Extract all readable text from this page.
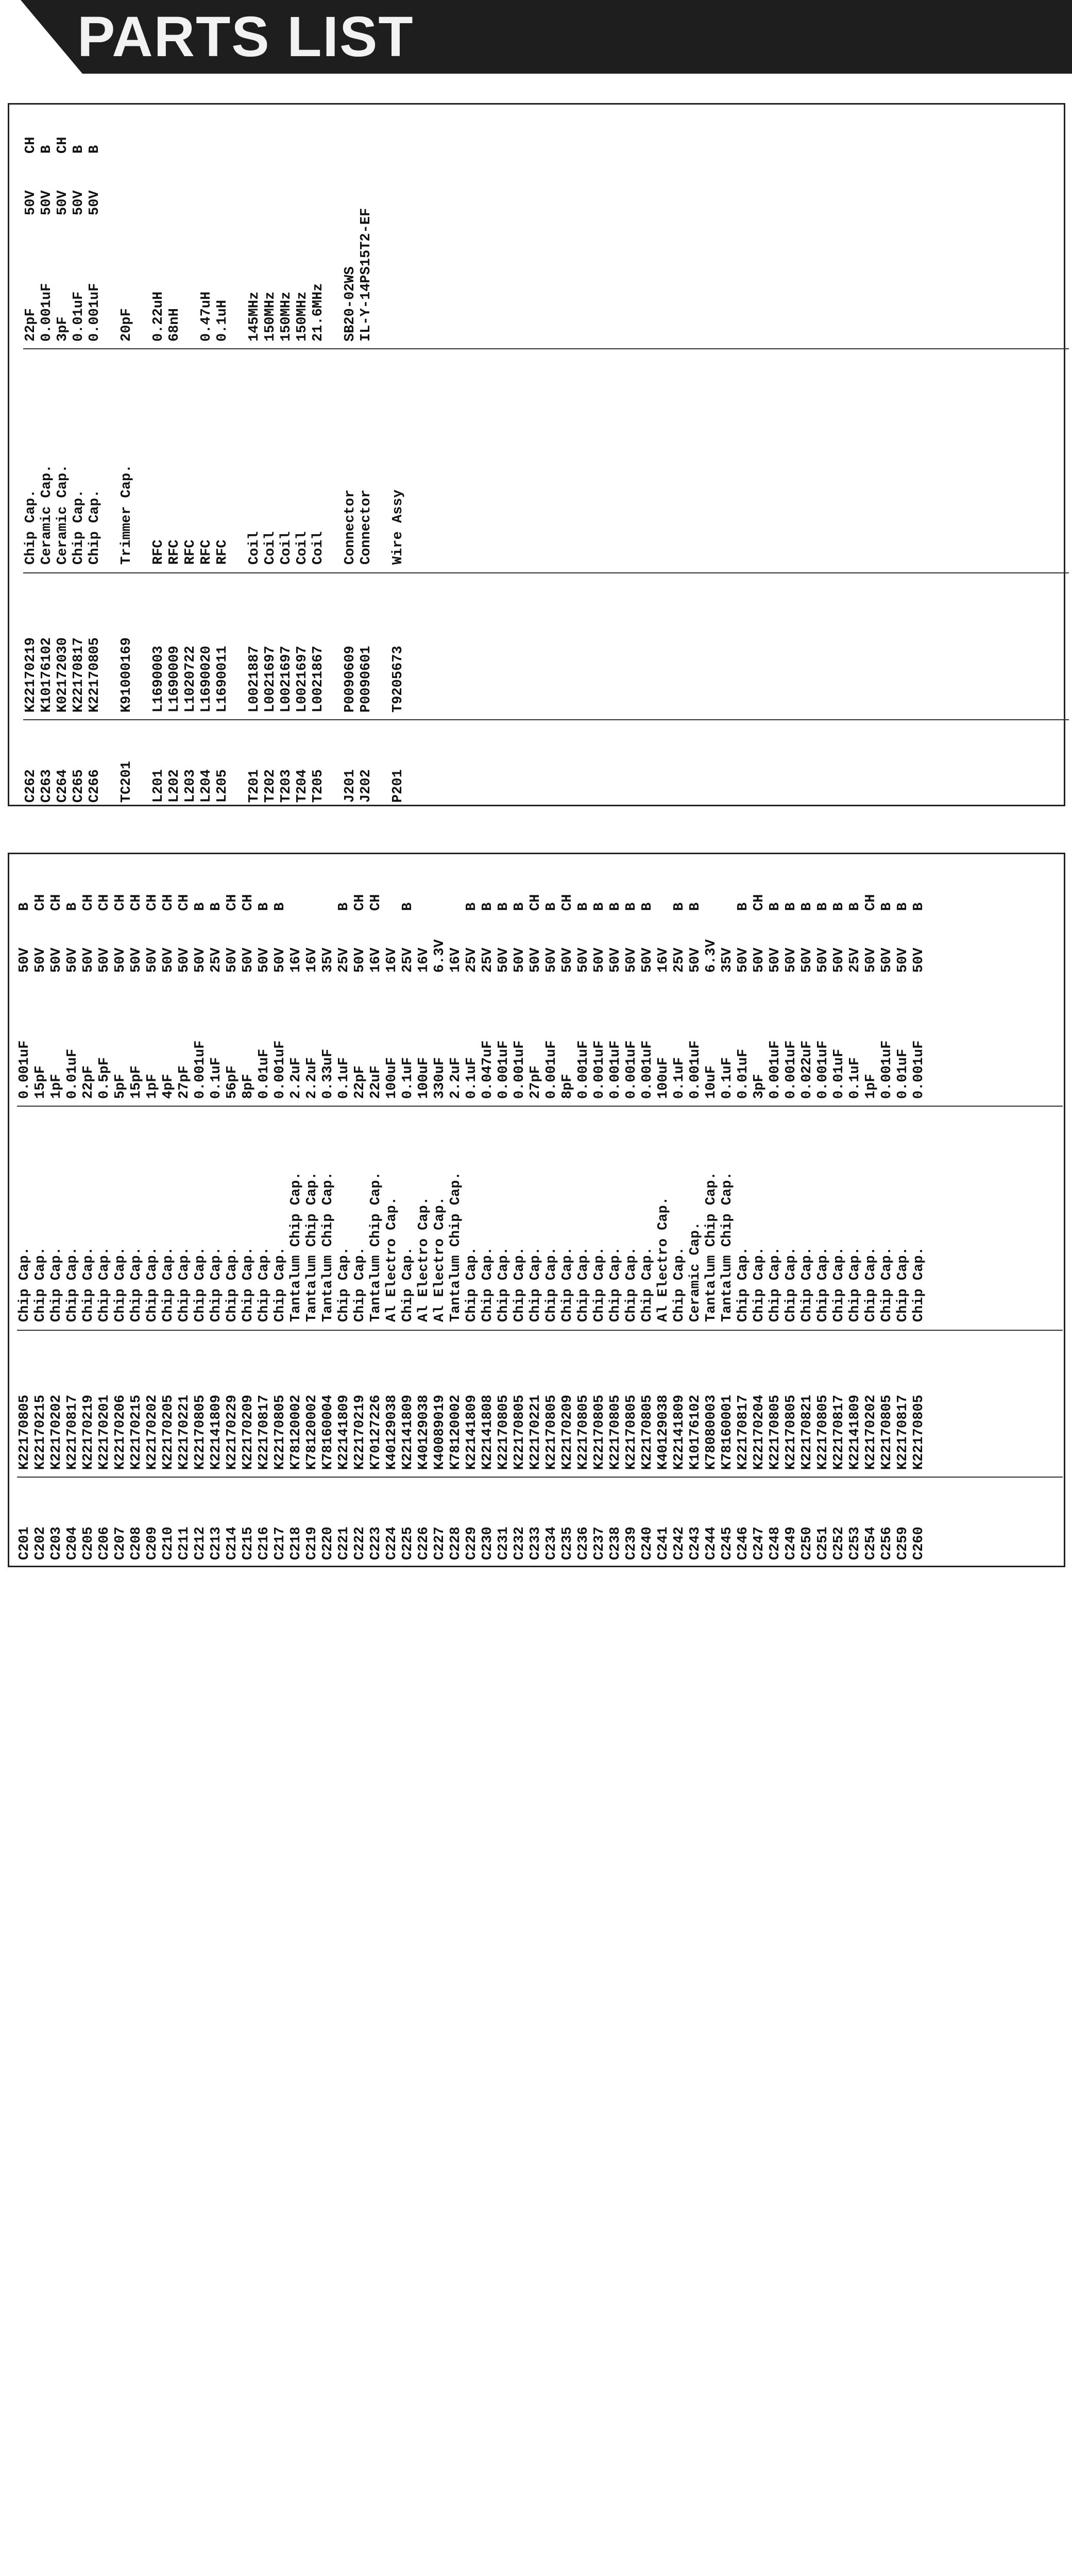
PARTS LIST
C262 C263 C264 C265 C266 TC201 L201 L202 L203 L204 L205 T201 T202 T203 T204 T205 J201 J202 P201
K22170219 K10176102 K02172030 K22170817 K22170805 K91000169 L1690003 L1690009 L1020722 L1690020 L1690011 L0021887 L0021697 L0021697 L0021697 L0021867 P0090609 P0090601 T9205673
Chip Cap. Ceramic Cap. Ceramic Cap. Chip Cap. Chip Cap. Trimmer Cap. RFC RFC RFC RFC RFC Coil Coil Coil Coil Coil Connector Connector Wire Assy
22pF 0.001uF 3pF 0.01uF 0.001uF 20pF 0.22uH 68nH 0.47uH 0.1uH 145MHz 150MHz 150MHz 150MHz 21.6MHz SB20-02WS IL-Y-14PS15T2-EF
50V 50V 50V 50V 50V
CH B CH B B
C201 C202 C203 C204 C205 C206 C207 C208 C209 C210 C211 C212 C213 C214 C215 C216 C217 C218 C219 C220 C221 C222 C223 C224 C225 C226 C227 C228 C229 C230 C231 C232 C233 C234 C235 C236 C237 C238 C239 C240 C241 C242 C243 C244 C245 C246 C247 C248 C249 C250 C251 C252 C253 C254 C256 C259 C260
K22170805 K22170215 K22170202 K22170817 K22170219 K22170201 K22170206 K22170215 K22170202 K22170205 K22170221 K22170805 K22141809 K22170229 K22170209 K22170817 K22170805 K78120002 K78120002 K78160004 K22141809 K22170219 K70127226 K40129038 K22141809 K40129038 K40089019 K78120002 K22141809 K22141808 K22170805 K22170805 K22170221 K22170805 K22170209 K22170805 K22170805 K22170805 K22170805 K22170805 K40129038 K22141809 K10176102 K78080003 K78160001 K22170817 K22170204 K22170805 K22170805 K22170821 K22170805 K22170817 K22141809 K22170202 K22170805 K22170817 K22170805
Chip Cap. Chip Cap. Chip Cap. Chip Cap. Chip Cap. Chip Cap. Chip Cap. Chip Cap. Chip Cap. Chip Cap. Chip Cap. Chip Cap. Chip Cap. Chip Cap. Chip Cap. Chip Cap. Chip Cap. Tantalum Chip Cap. Tantalum Chip Cap. Tantalum Chip Cap. Chip Cap. Chip Cap. Tantalum Chip Cap. Al Electro Cap. Chip Cap. Al Electro Cap. Al Electro Cap. Tantalum Chip Cap. Chip Cap. Chip Cap. Chip Cap. Chip Cap. Chip Cap. Chip Cap. Chip Cap. Chip Cap. Chip Cap. Chip Cap. Chip Cap. Chip Cap. Al Electro Cap. Chip Cap. Ceramic Cap. Tantalum Chip Cap. Tantalum Chip Cap. Chip Cap. Chip Cap. Chip Cap. Chip Cap. Chip Cap. Chip Cap. Chip Cap. Chip Cap. Chip Cap. Chip Cap. Chip Cap. Chip Cap.
0.001uF 15pF 1pF 0.01uF 22pF 0.5pF 5pF 15pF 1pF 4pF 27pF 0.001uF 0.1uF 56pF 8pF 0.01uF 0.001uF 2.2uF 2.2uF 0.33uF 0.1uF 22pF 22uF 100uF 0.1uF 100uF 330uF 2.2uF 0.1uF 0.047uF 0.001uF 0.001uF 27pF 0.001uF 8pF 0.001uF 0.001uF 0.001uF 0.001uF 0.001uF 100uF 0.1uF 0.001uF 10uF 0.1uF 0.01uF 3pF 0.001uF 0.001uF 0.022uF 0.001uF 0.01uF 0.1uF 1pF 0.001uF 0.01uF 0.001uF
50V 50V 50V 50V 50V 50V 50V 50V 50V 50V 50V 50V 25V 50V 50V 50V 50V 16V 16V 35V 25V 50V 16V 16V 25V 16V 6.3V 16V 25V 25V 50V 50V 50V 50V 50V 50V 50V 50V 50V 50V 16V 25V 50V 6.3V 35V 50V 50V 50V 50V 50V 50V 50V 25V 50V 50V 50V 50V
B CH CH B CH CH CH CH CH CH CH B B CH CH B B	B CH CH B	B B B B CH B CH B B B B B B B B CH B B B B B B CH B B B
